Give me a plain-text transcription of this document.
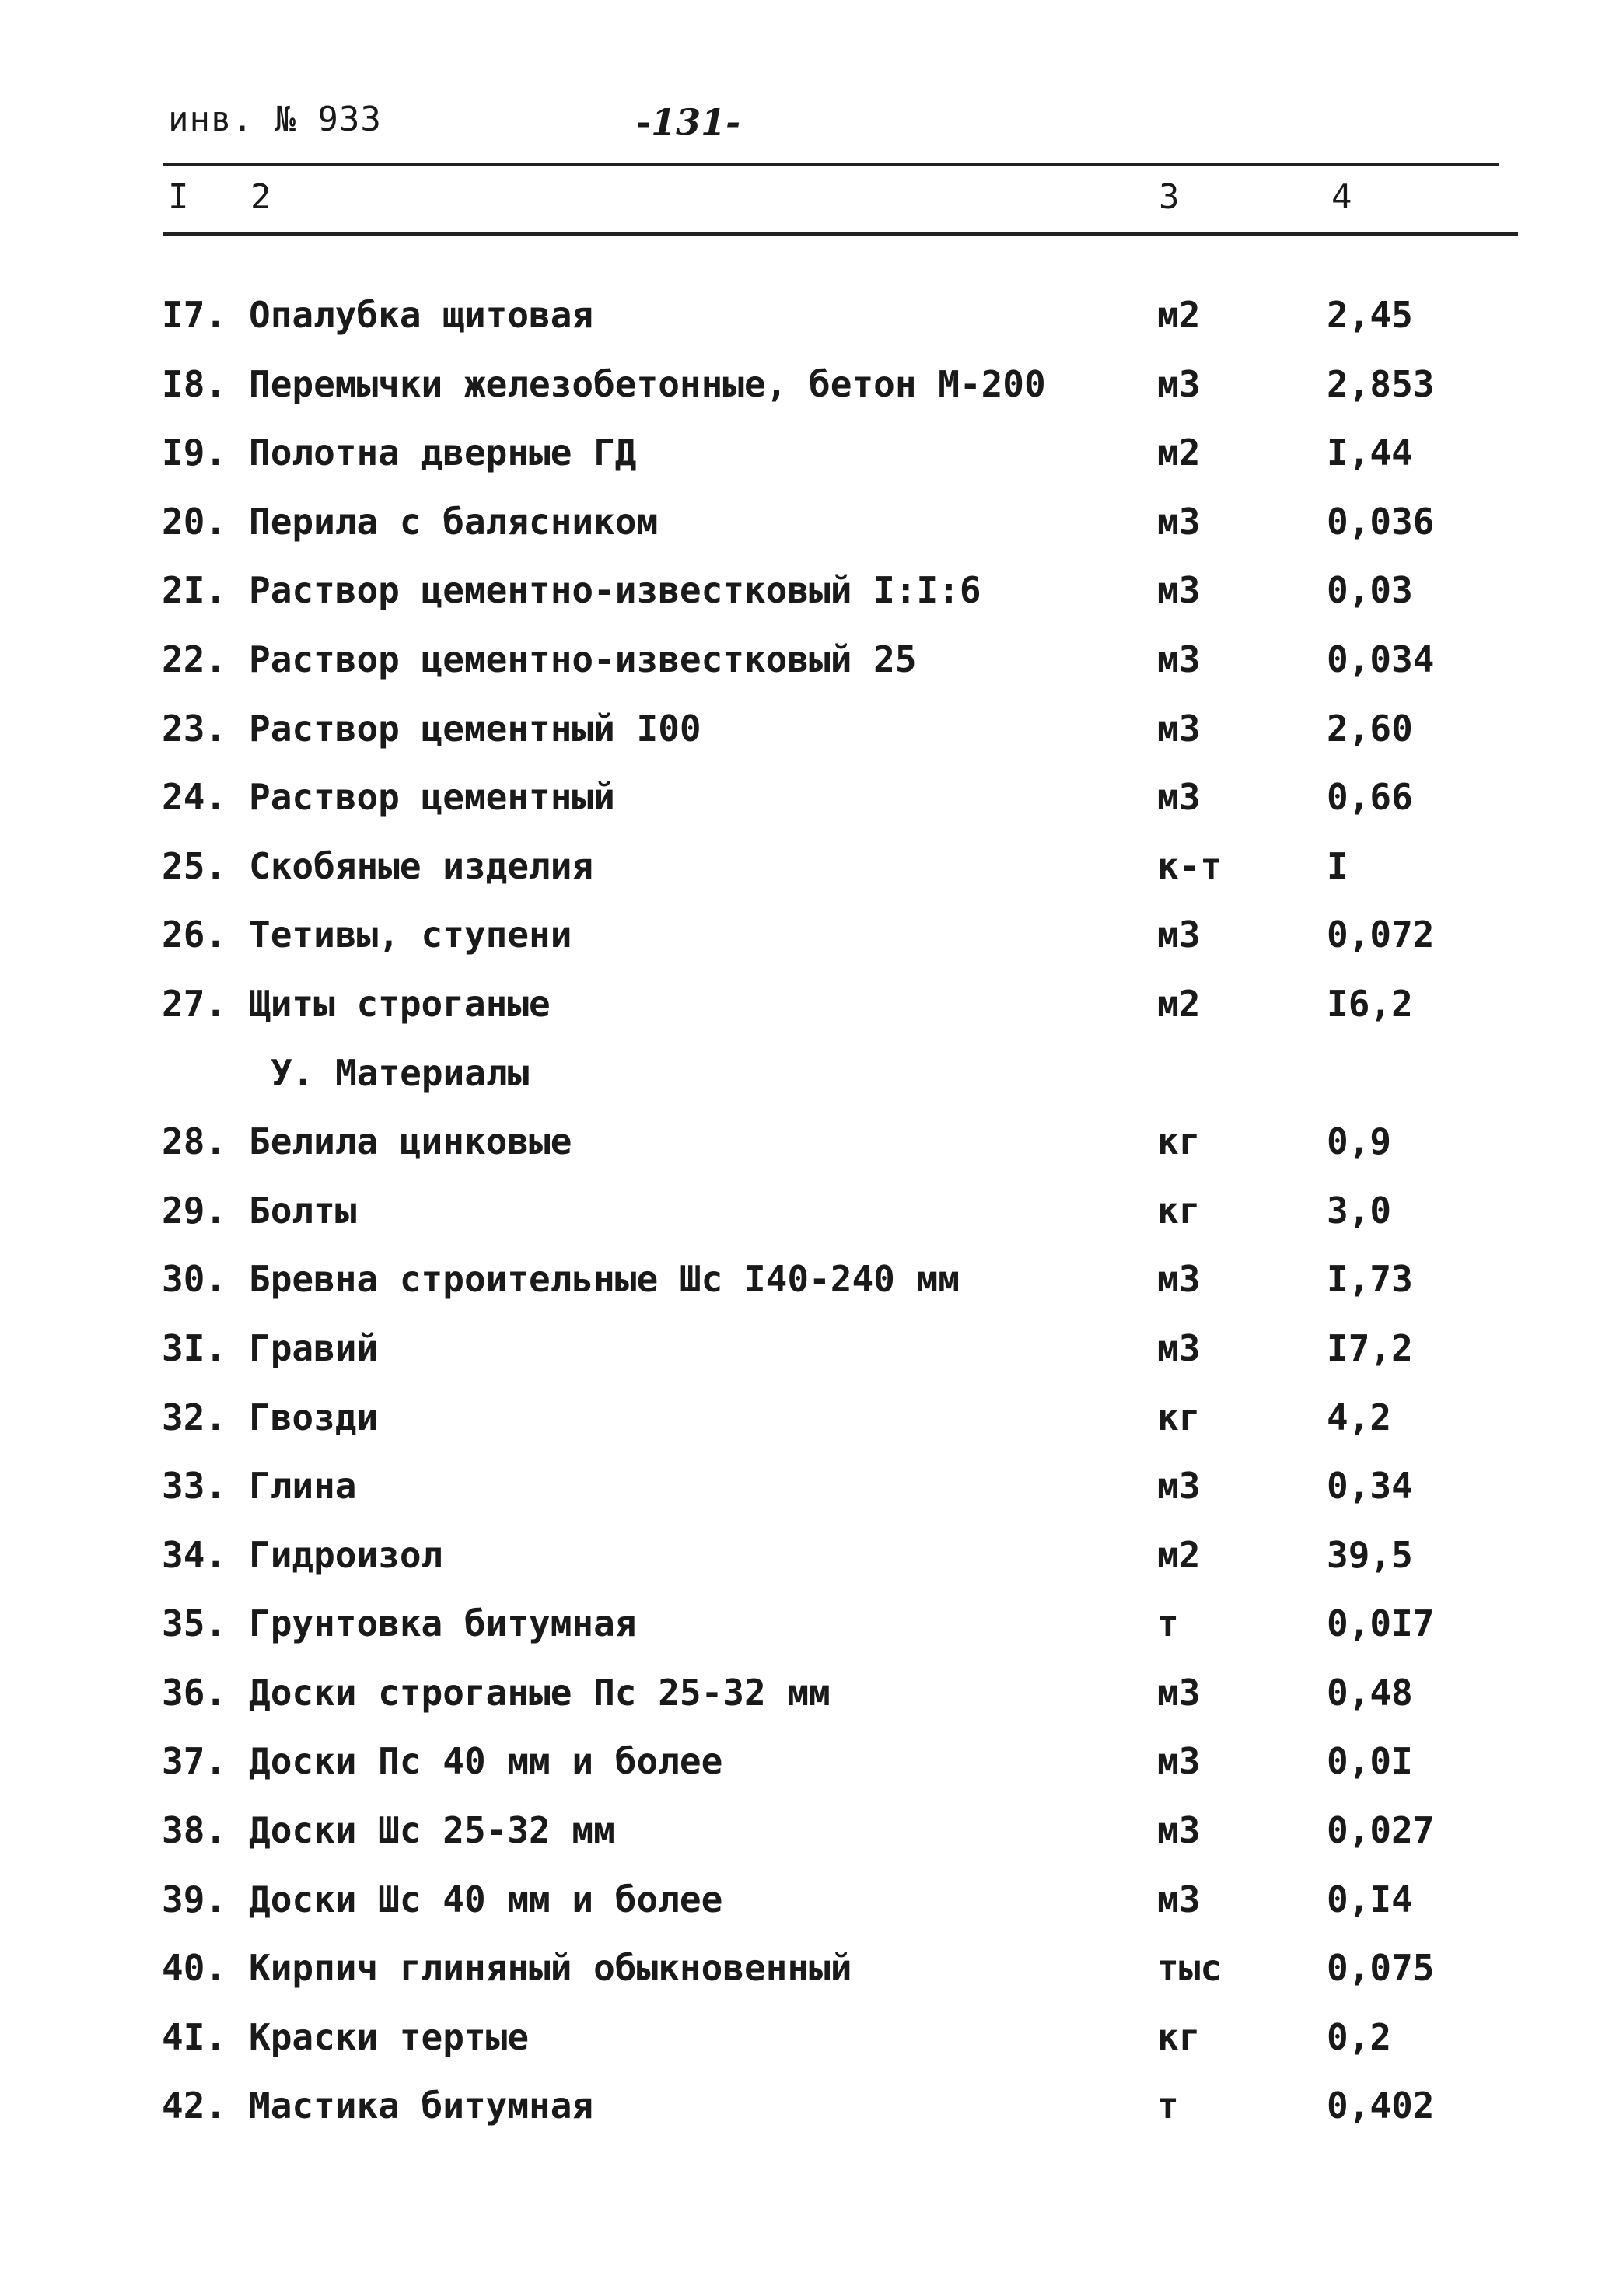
инв. № 933	-131-
I 2	3	4
I7. Опалубка щитовая	м2	2,45
I8. Перемычки железобетонные, бетон М-200	м3	2,853
I9. Полотна дверные ГД	м2	I,44
20. Перила с балясником	м3	0,036
2I. Раствор цементно-известковый I:I:6	м3	0,03
22. Раствор цементно-известковый 25	м3	0,034
23. Раствор цементный I00	м3	2,60
24. Раствор цементный	м3	0,66
25. Скобяные изделия	к-т	I
26. Тетивы, ступени	м3	0,072
27. Щиты строганые	м2	I6,2
У. Материалы
28. Белила цинковые	кг	0,9
29. Болты	кг	3,0
30. Бревна строительные Шс I40-240 мм	м3	I,73
3I. Гравий	м3	I7,2
32. Гвозди	кг	4,2
33. Глина	м3	0,34
34. Гидроизол	м2	39,5
35. Грунтовка битумная	т	0,0I7
36. Доски строганые Пс 25-32 мм	м3	0,48
37. Доски Пс 40 мм и более	м3	0,0I
38. Доски Шс 25-32 мм	м3	0,027
39. Доски Шс 40 мм и более	м3	0,I4
40. Кирпич глиняный обыкновенный	тыс	0,075
4I. Краски тертые	кг	0,2
42. Мастика битумная	т	0,402
